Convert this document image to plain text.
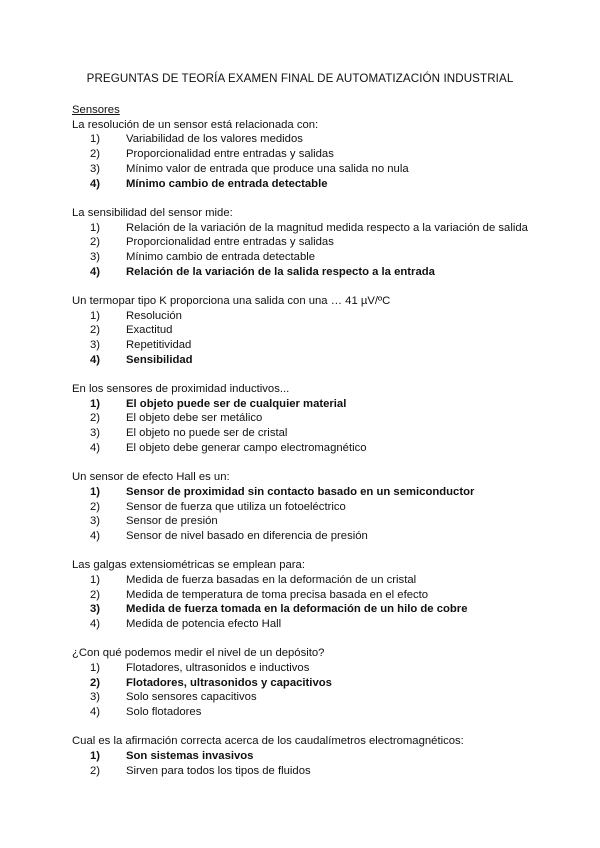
PREGUNTAS DE TEORÍA EXAMEN FINAL DE AUTOMATIZACIÓN INDUSTRIAL
Sensores

La resolución de un sensor está relacionada con:

1)	Variabilidad de los valores medidos
2)	Proporcionalidad entre entradas y salidas
3)	Mínimo valor de entrada que produce una salida no nula
4)	Mínimo cambio de entrada detectable

La sensibilidad del sensor mide:

1)	Relación de la variación de la magnitud medida respecto a la variación de salida
2)	Proporcionalidad entre entradas y salidas
3)	Mínimo cambio de entrada detectable
4)	Relación de la variación de la salida respecto a la entrada

Un termopar tipo K proporciona una salida con una … 41 µV/ºC

1)	Resolución
2)	Exactitud
3)	Repetitividad
4)	Sensibilidad

En los sensores de proximidad inductivos...

1)	El objeto puede ser de cualquier material
2)	El objeto debe ser metálico
3)	El objeto no puede ser de cristal
4)	El objeto debe generar campo electromagnético

Un sensor de efecto Hall es un:

1)	Sensor de proximidad sin contacto basado en un semiconductor
2)	Sensor de fuerza que utiliza un fotoeléctrico
3)	Sensor de presión
4)	Sensor de nivel basado en diferencia de presión

Las galgas extensiométricas se emplean para:

1)	Medida de fuerza basadas en la deformación de un cristal
2)	Medida de temperatura de toma precisa basada en el efecto
3)	Medida de fuerza tomada en la deformación de un hilo de cobre
4)	Medida de potencia efecto Hall

¿Con qué podemos medir el nivel de un depósito?

1)	Flotadores, ultrasonidos e inductivos
2)	Flotadores, ultrasonidos y capacitivos
3)	Solo sensores capacitivos
4)	Solo flotadores

Cual es la afirmación correcta acerca de los caudalímetros electromagnéticos:

1)	Son sistemas invasivos
2)	Sirven para todos los tipos de fluidos
